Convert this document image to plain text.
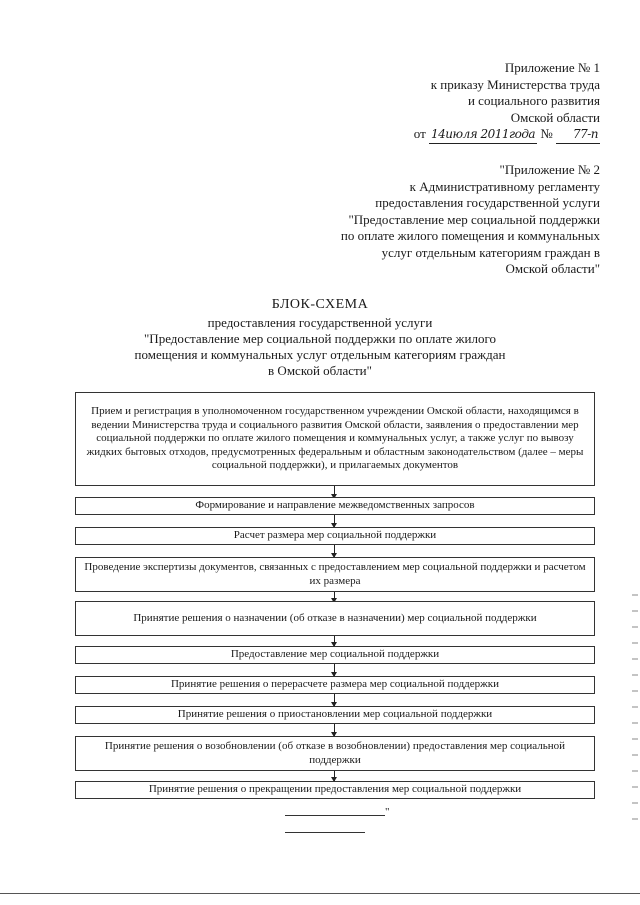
Приложение № 1
к приказу Министерства труда
и социального развития
Омской области
от 14июля 2011года № 77-п
"Приложение № 2
к Административному регламенту
предоставления государственной услуги
"Предоставление мер социальной поддержки
по оплате жилого помещения и коммунальных
услуг отдельным категориям граждан в
Омской области"
БЛОК-СХЕМА
предоставления государственной услуги
"Предоставление мер социальной поддержки по оплате жилого
помещения и коммунальных услуг отдельным категориям граждан
в Омской области"
Прием и регистрация в уполномоченном государственном учреждении Омской области, находящимся в ведении Министерства труда и социального развития Омской области, заявления о предоставлении мер социальной поддержки по оплате жилого помещения и коммунальных услуг, а также услуг по вывозу жидких бытовых отходов, предусмотренных федеральным и областным законодательством (далее – меры социальной поддержки), и прилагаемых документов
Формирование и направление межведомственных запросов
Расчет размера мер социальной поддержки
Проведение экспертизы документов, связанных с предоставлением мер социальной поддержки и расчетом их размера
Принятие решения о назначении (об отказе в назначении) мер социальной поддержки
Предоставление мер социальной поддержки
Принятие решения о перерасчете размера мер социальной поддержки
Принятие решения о приостановлении мер социальной поддержки
Принятие решения о возобновлении (об отказе в возобновлении) предоставления мер социальной поддержки
Принятие решения о прекращении предоставления мер социальной поддержки
"
